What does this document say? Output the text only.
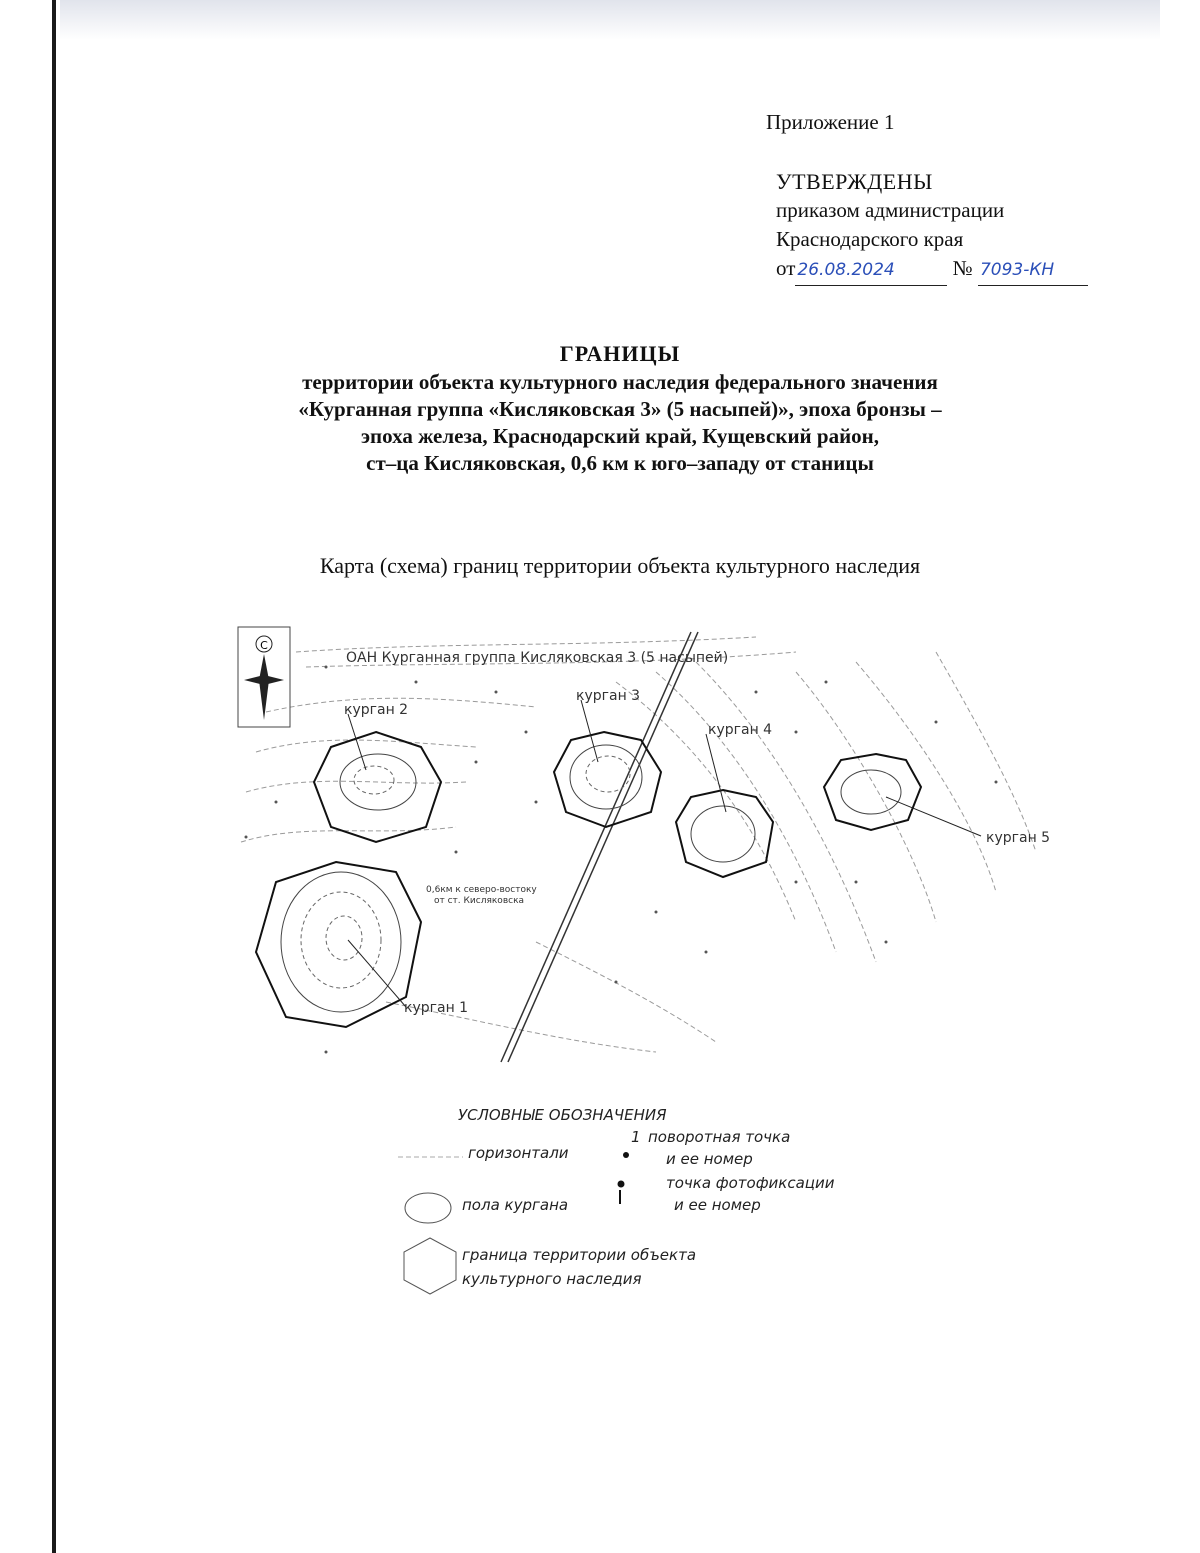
Приложение 1
УТВЕРЖДЕНЫ
приказом администрации
Краснодарского края
от 26.08.2024	№ 7093-КН
ГРАНИЦЫ
территории объекта культурного наследия федерального значения
«Курганная группа «Кисляковская 3» (5 насыпей)», эпоха бронзы –
эпоха железа, Краснодарский край, Кущевский район,
ст–ца Кисляковская, 0,6 км к юго–западу от станицы
Карта (схема) границ территории объекта культурного наследия
С
ОАН Курганная группа Кисляковская 3 (5 насыпей)
курган 2
курган 3
курган 4
курган 5
курган 1
0,6км к северо-востоку
от ст. Кисляковска
УСЛОВНЫЕ ОБОЗНАЧЕНИЯ
горизонтали
1 поворотная точка
и ее номер
точка фотофиксации
и ее номер
пола кургана
граница территории объекта
культурного наследия
